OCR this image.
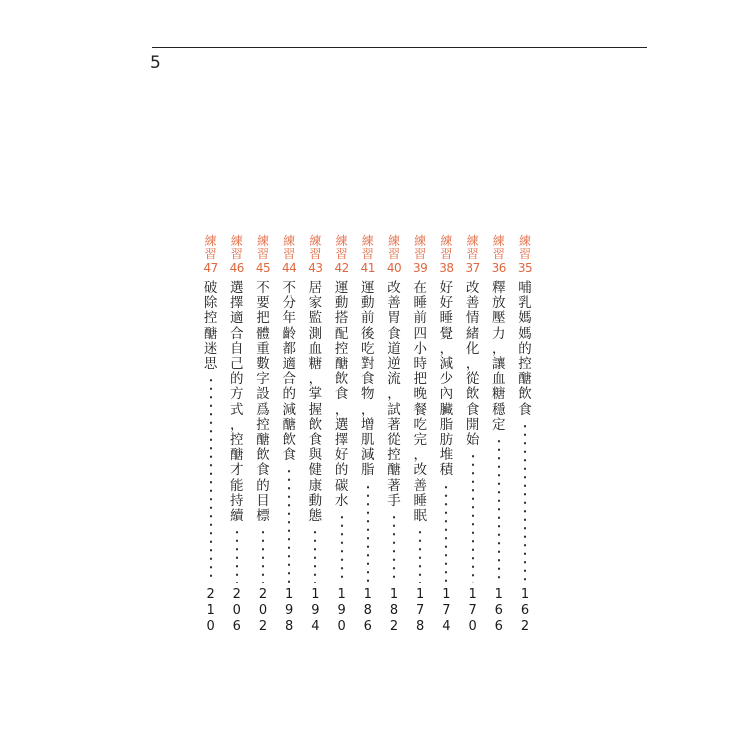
5
練
習
35
哺
乳
媽
媽
的
控
醣
飲
食
1
6
2
練
習
36
釋
放
壓
力
，
讓
血
糖
穩
定
1
6
6
練
習
37
改
善
情
緒
化
，
從
飲
食
開
始
1
7
0
練
習
38
好
好
睡
覺
，
減
少
內
臟
脂
肪
堆
積
1
7
4
練
習
39
在
睡
前
四
小
時
把
晚
餐
吃
完
，
改
善
睡
眠
1
7
8
練
習
40
改
善
胃
食
道
逆
流
，
試
著
從
控
醣
著
手
1
8
2
練
習
41
運
動
前
後
吃
對
食
物
，
增
肌
減
脂
1
8
6
練
習
42
運
動
搭
配
控
醣
飲
食
，
選
擇
好
的
碳
水
1
9
0
練
習
43
居
家
監
測
血
糖
，
掌
握
飲
食
與
健
康
動
態
1
9
4
練
習
44
不
分
年
齡
都
適
合
的
減
醣
飲
食
1
9
8
練
習
45
不
要
把
體
重
數
字
設
爲
控
醣
飲
食
的
目
標
2
0
2
練
習
46
選
擇
適
合
自
己
的
方
式
，
控
醣
才
能
持
續
2
0
6
練
習
47
破
除
控
醣
迷
思
2
1
0
